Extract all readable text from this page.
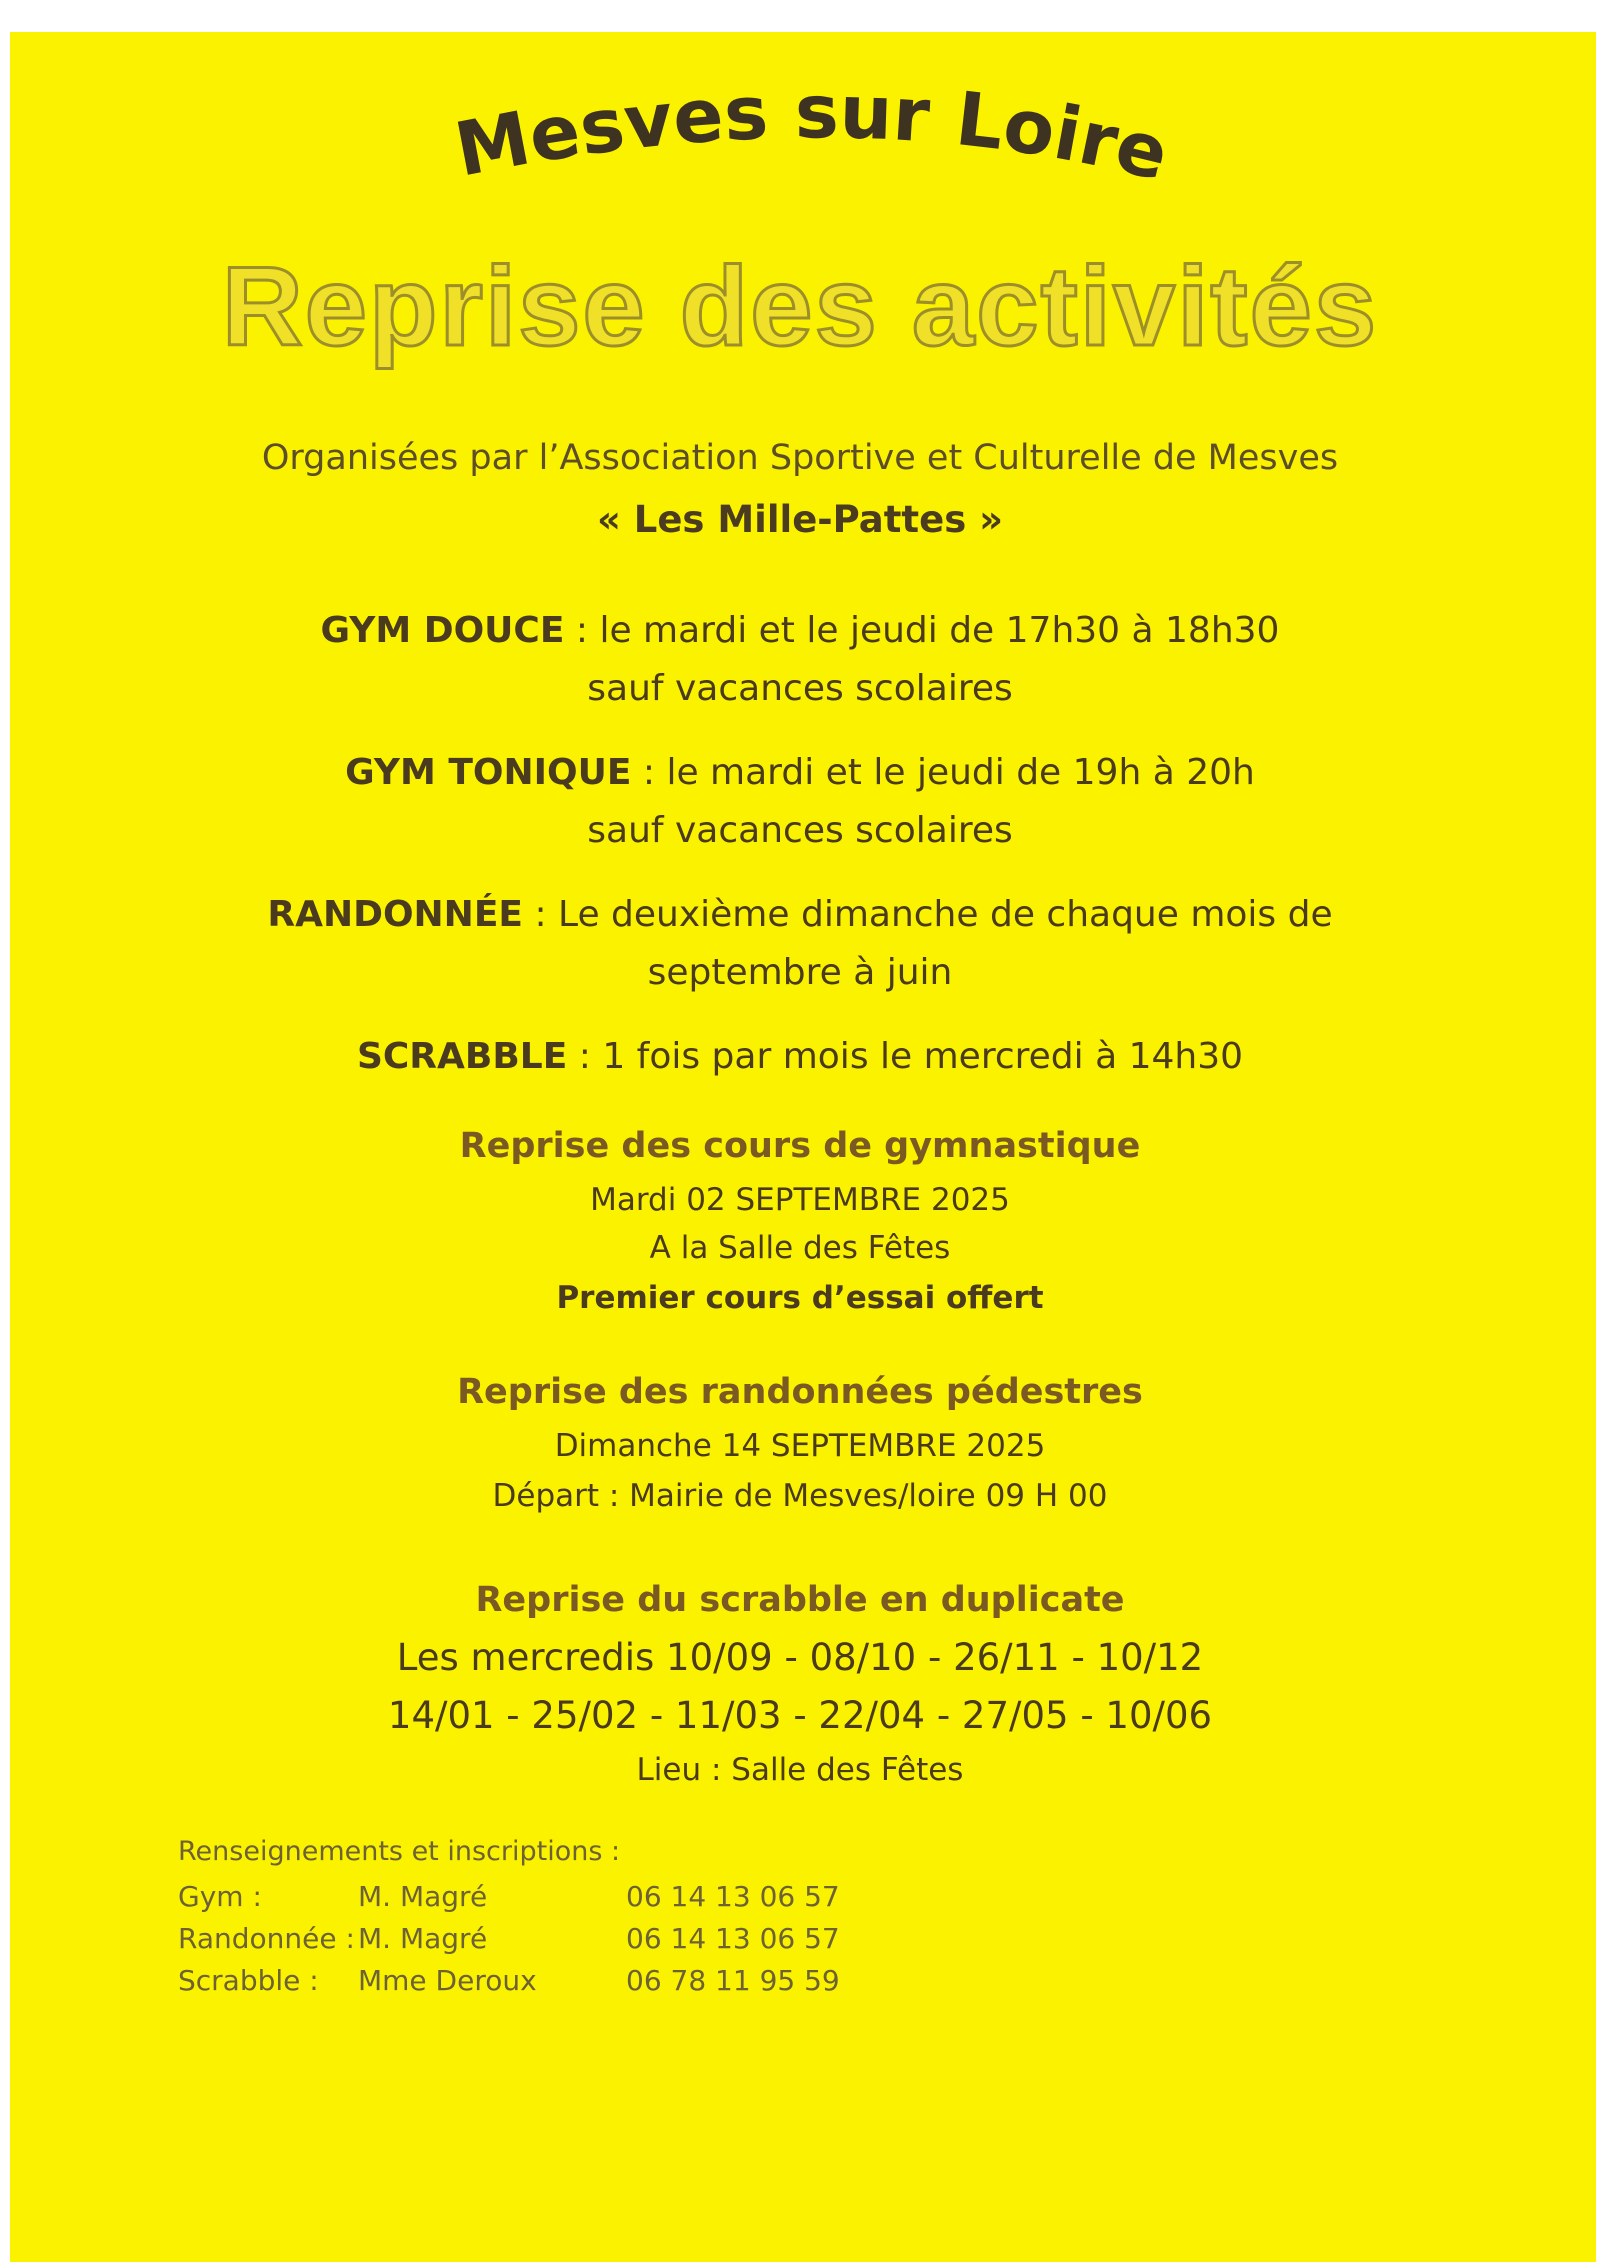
Mesves sur Loire
Reprise des activités
Organisées par l’Association Sportive et Culturelle de Mesves
« Les Mille-Pattes »
GYM DOUCE : le mardi et le jeudi de 17h30 à 18h30
sauf vacances scolaires
GYM TONIQUE : le mardi et le jeudi de 19h à 20h
sauf vacances scolaires
RANDONNÉE : Le deuxième dimanche de chaque mois de
septembre à juin
SCRABBLE : 1 fois par mois le mercredi à 14h30
Reprise des cours de gymnastique
Mardi 02 SEPTEMBRE 2025
A la Salle des Fêtes
Premier cours d’essai offert
Reprise des randonnées pédestres
Dimanche 14 SEPTEMBRE 2025
Départ : Mairie de Mesves/loire 09 H 00
Reprise du scrabble en duplicate
Les mercredis 10/09 - 08/10 - 26/11 - 10/12
14/01 - 25/02 - 11/03 - 22/04 - 27/05 - 10/06
Lieu : Salle des Fêtes
Renseignements et inscriptions :
Gym :	M. Magré	06 14 13 06 57
Randonnée : M. Magré	06 14 13 06 57
Scrabble : Mme Deroux	06 78 11 95 59
